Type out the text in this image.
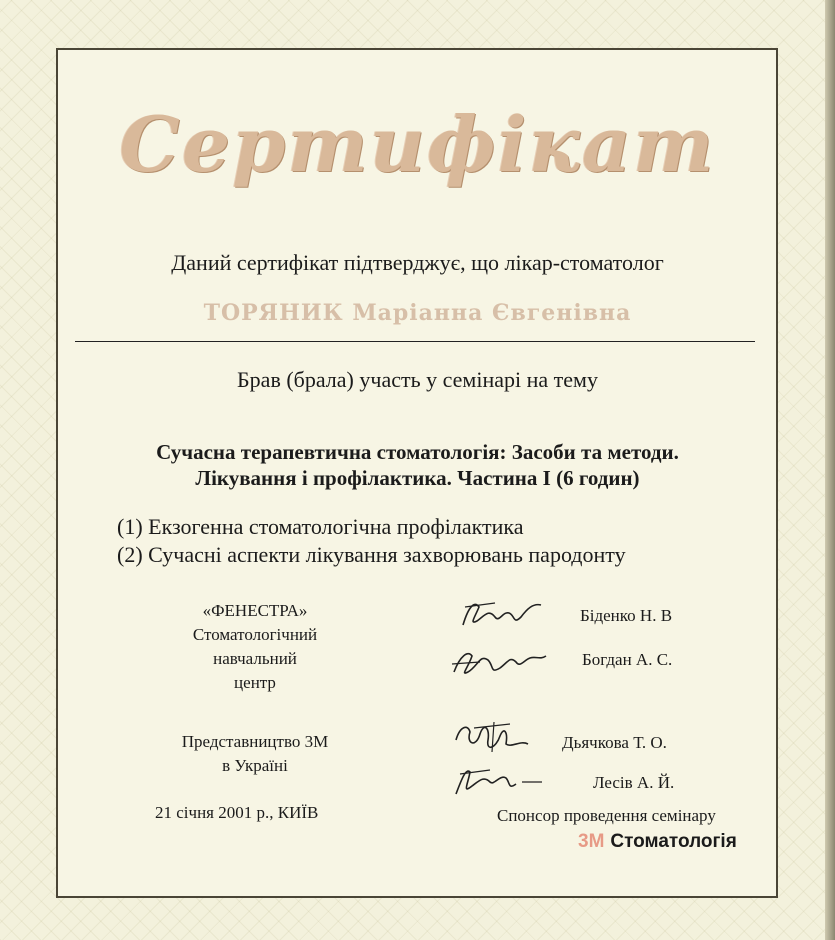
Сертифікат
Даний сертифікат підтверджує, що лікар-стоматолог
ТОРЯНИК Маріанна Євгенівна
Брав (брала) участь у семінарі на тему
Сучасна терапевтична стоматологія: Засоби та методи.
Лікування і профілактика. Частина I (6 годин)
(1) Екзогенна стоматологічна профілактика
(2) Сучасні аспекти лікування захворювань пародонту
«ФЕНЕСТРА»
Стоматологічний
навчальний
центр
Представництво 3М
в Україні
21 січня 2001 р., КИЇВ
Біденко Н. В
Богдан А. С.
Дьячкова Т. О.
Лесів А. Й.
Спонсор проведення семінару
3M Стоматологія
